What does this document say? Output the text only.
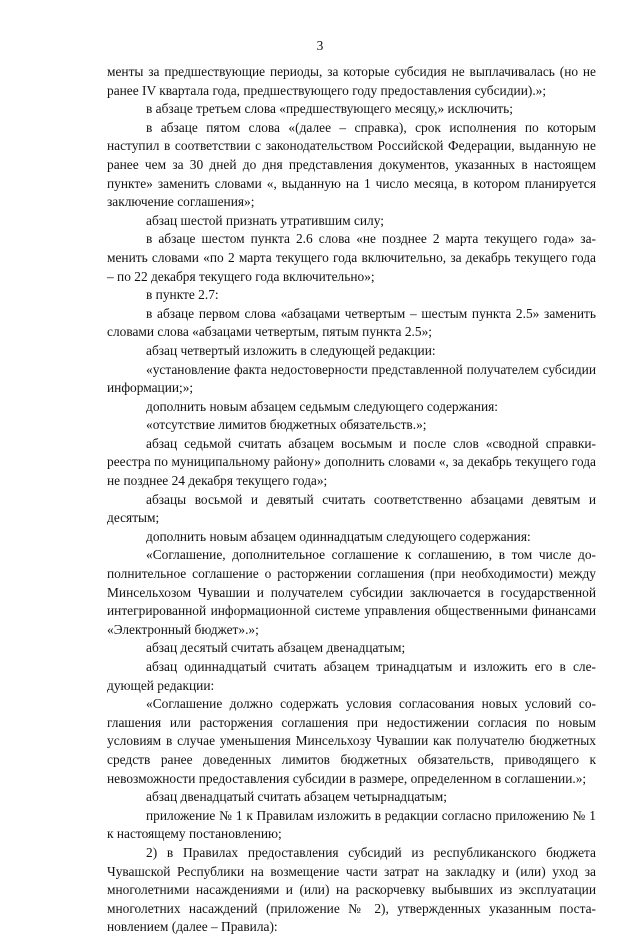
3

менты за предшествующие периоды, за которые субсидия не выплачивалась (но не ранее IV квартала года, предшествующего году предоставления субсидии).»;

в абзаце третьем слова «предшествующего месяцу,» исключить;

в абзаце пятом слова «(далее – справка), срок исполнения по которым наступил в соответствии с законодательством Российской Федерации, выданную не ранее чем за 30 дней до дня представления документов, указанных в настоящем пункте» заменить словами «, выданную на 1 число месяца, в котором планируется заключение соглашения»;

абзац шестой признать утратившим силу;

в абзаце шестом пункта 2.6 слова «не позднее 2 марта текущего года» заменить словами «по 2 марта текущего года включительно, за декабрь текущего года – по 22 декабря текущего года включительно»;

в пункте 2.7:

в абзаце первом слова «абзацами четвертым – шестым пункта 2.5» заменить словами слова «абзацами четвертым, пятым пункта 2.5»;

абзац четвертый изложить в следующей редакции:

«установление факта недостоверности представленной получателем субсидии информации;»;

дополнить новым абзацем седьмым следующего содержания:

«отсутствие лимитов бюджетных обязательств.»;

абзац седьмой считать абзацем восьмым и после слов «сводной справкиреестра по муниципальному району» дополнить словами «, за декабрь текущего года не позднее 24 декабря текущего года»;

абзацы восьмой и девятый считать соответственно абзацами девятым и десятым;

дополнить новым абзацем одиннадцатым следующего содержания:

«Соглашение, дополнительное соглашение к соглашению, в том числе дополнительное соглашение о расторжении соглашения (при необходимости) между Минсельхозом Чувашии и получателем субсидии заключается в государственной интегрированной информационной системе управления общественными финансами «Электронный бюджет».»;

абзац десятый считать абзацем двенадцатым;

абзац одиннадцатый считать абзацем тринадцатым и изложить его в следующей редакции:

«Соглашение должно содержать условия согласования новых условий соглашения или расторжения соглашения при недостижении согласия по новым условиям в случае уменьшения Минсельхозу Чувашии как получателю бюджетных средств ранее доведенных лимитов бюджетных обязательств, приводящего к невозможности предоставления субсидии в размере, определенном в соглашении.»;

абзац двенадцатый считать абзацем четырнадцатым;

приложение № 1 к Правилам изложить в редакции согласно приложению № 1 к настоящему постановлению;

2) в Правилах предоставления субсидий из республиканского бюджета Чувашской Республики на возмещение части затрат на закладку и (или) уход за многолетними насаждениями и (или) на раскорчевку выбывших из эксплуатации многолетних насаждений (приложение № 2), утвержденных указанным постановлением (далее – Правила):
